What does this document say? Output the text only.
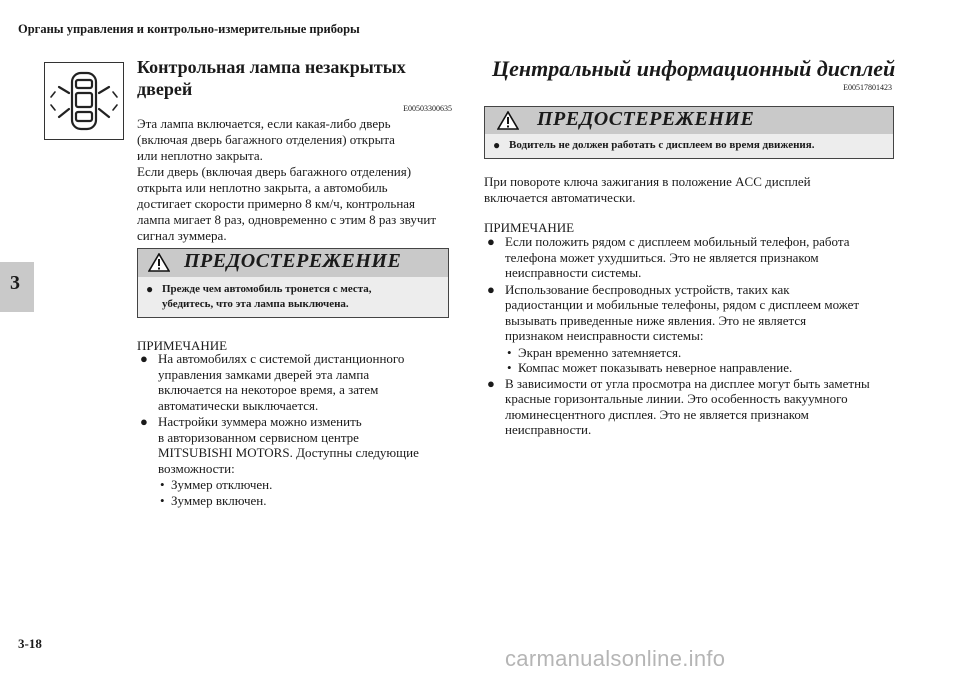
Органы управления и контрольно-измерительные приборы
3
3-18
Контрольная лампа незакрытых
дверей
E00503300635
Эта лампа включается, если какая-либо дверь
(включая дверь багажного отделения) открыта
или неплотно закрыта.
Если дверь (включая дверь багажного отделения)
открыта или неплотно закрыта, а автомобиль
достигает скорости примерно 8 км/ч, контрольная
лампа мигает 8 раз, одновременно с этим 8 раз звучит
сигнал зуммера.
ПРЕДОСТЕРЕЖЕНИЕ
● Прежде чем автомобиль тронется с места,
убедитесь, что эта лампа выключена.
ПРИМЕЧАНИЕ
● На автомобилях с системой дистанционного
управления замками дверей эта лампа
включается на некоторое время, а затем
автоматически выключается.
● Настройки зуммера можно изменить
в авторизованном сервисном центре
MITSUBISHI MOTORS. Доступны следующие
возможности:
• Зуммер отключен.
• Зуммер включен.
Центральный информационный дисплей
E00517801423
ПРЕДОСТЕРЕЖЕНИЕ
● Водитель не должен работать с дисплеем во время движения.
При повороте ключа зажигания в положение ACC дисплей
включается автоматически.
ПРИМЕЧАНИЕ
● Если положить рядом с дисплеем мобильный телефон, работа
телефона может ухудшиться. Это не является признаком
неисправности системы.
● Использование беспроводных устройств, таких как
радиостанции и мобильные телефоны, рядом с дисплеем может
вызывать приведенные ниже явления. Это не является
признаком неисправности системы:
• Экран временно затемняется.
• Компас может показывать неверное направление.
● В зависимости от угла просмотра на дисплее могут быть заметны
красные горизонтальные линии. Это особенность вакуумного
люминесцентного дисплея. Это не является признаком
неисправности.
carmanualsonline.info
